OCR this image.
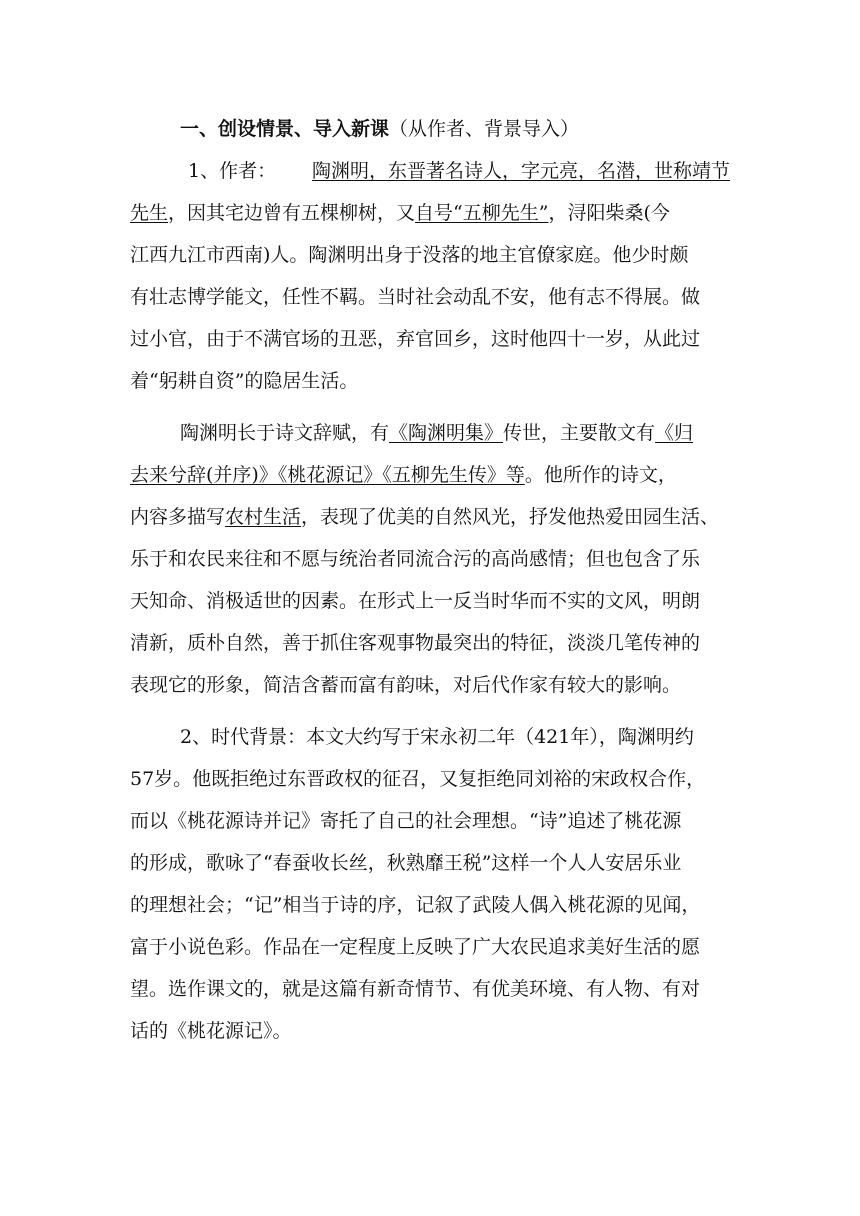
一、创设情景、导入新课 （从作者、背景导入）
1、作者： 陶渊明，东晋著名诗人，字元亮，名潜，世称靖节
先生，因其宅边曾有五棵柳树，又自号“五柳先生”，浔阳柴桑(今
江西九江市西南)人。陶渊明出身于没落的地主官僚家庭。他少时颇
有壮志博学能文，任性不羁。当时社会动乱不安，他有志不得展。做
过小官，由于不满官场的丑恶，弃官回乡，这时他四十一岁，从此过
着“躬耕自资”的隐居生活。
陶渊明长于诗文辞赋，有《陶渊明集》传世，主要散文有《归
去来兮辞(并序)》《桃花源记》《五柳先生传》等。他所作的诗文，
内容多描写农村生活，表现了优美的自然风光，抒发他热爱田园生活、
乐于和农民来往和不愿与统治者同流合污的高尚感情；但也包含了乐
天知命、消极适世的因素。在形式上一反当时华而不实的文风，明朗
清新，质朴自然，善于抓住客观事物最突出的特征，淡淡几笔传神的
表现它的形象，简洁含蓄而富有韵味，对后代作家有较大的影响。
2、时代背景：本文大约写于宋永初二年（421年），陶渊明约
57岁。他既拒绝过东晋政权的征召，又复拒绝同刘裕的宋政权合作，
而以《桃花源诗并记》寄托了自己的社会理想。“诗”追述了桃花源
的形成，歌咏了“春蚕收长丝，秋熟靡王税”这样一个人人安居乐业
的理想社会；“记”相当于诗的序，记叙了武陵人偶入桃花源的见闻，
富于小说色彩。作品在一定程度上反映了广大农民追求美好生活的愿
望。选作课文的，就是这篇有新奇情节、有优美环境、有人物、有对
话的《桃花源记》。
